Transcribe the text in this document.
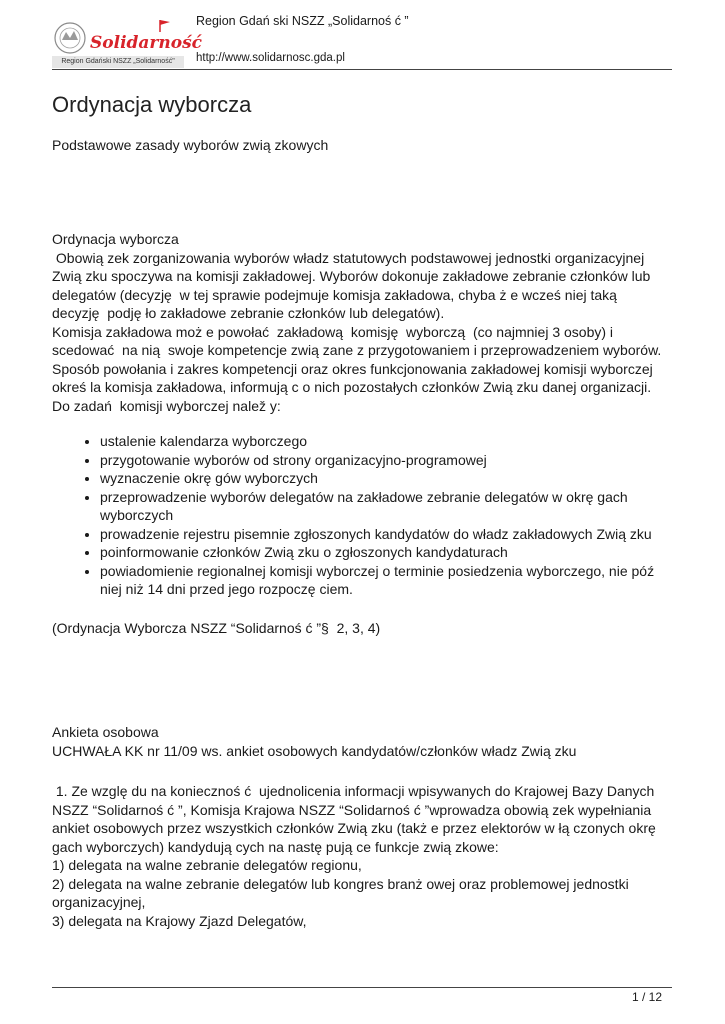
Solidarność
Region Gdański NSZZ „Solidarność"
Region Gdań ski NSZZ „Solidarnoś ć ”
http://www.solidarnosc.gda.pl
Ordynacja wyborcza
Podstawowe zasady wyborów zwią zkowych

Ordynacja wyborcza

Obowią zek zorganizowania wyborów władz statutowych podstawowej jednostki organizacyjnej Zwią zku spoczywa na komisji zakładowej. Wyborów dokonuje zakładowe zebranie członków lub delegatów (decyzję  w tej sprawie podejmuje komisja zakładowa, chyba ż e wcześ niej taką  decyzję  podję ło zakładowe zebranie członków lub delegatów).

Komisja zakładowa moż e powołać  zakładową  komisję  wyborczą  (co najmniej 3 osoby) i scedować  na nią  swoje kompetencje zwią zane z przygotowaniem i przeprowadzeniem wyborów. Sposób powołania i zakres kompetencji oraz okres funkcjonowania zakładowej komisji wyborczej okreś la komisja zakładowa, informują c o nich pozostałych członków Zwią zku danej organizacji.

Do zadań  komisji wyborczej nalež y:

• ustalenie kalendarza wyborczego
• przygotowanie wyborów od strony organizacyjno-programowej
• wyznaczenie okrę gów wyborczych
• przeprowadzenie wyborów delegatów na zakładowe zebranie delegatów w okrę gach wyborczych
• prowadzenie rejestru pisemnie zgłoszonych kandydatów do władz zakładowych Zwią zku
• poinformowanie członków Zwią zku o zgłoszonych kandydaturach
• powiadomienie regionalnej komisji wyborczej o terminie posiedzenia wyborczego, nie póź niej niż 14 dni przed jego rozpoczę ciem.

(Ordynacja Wyborcza NSZZ “Solidarnoś ć ”§  2, 3, 4)

Ankieta osobowa

UCHWAŁA KK nr 11/09 ws. ankiet osobowych kandydatów/członków władz Zwią zku

1. Ze wzglę du na koniecznoś ć  ujednolicenia informacji wpisywanych do Krajowej Bazy Danych NSZZ “Solidarnoś ć ”, Komisja Krajowa NSZZ “Solidarnoś ć ”wprowadza obowią zek wypełniania ankiet osobowych przez wszystkich członków Zwią zku (takż e przez elektorów w łą czonych okrę gach wyborczych) kandydują cych na nastę pują ce funkcje zwią zkowe:

1) delegata na walne zebranie delegatów regionu,

2) delegata na walne zebranie delegatów lub kongres branż owej oraz problemowej jednostki organizacyjnej,

3) delegata na Krajowy Zjazd Delegatów,

1 / 12
